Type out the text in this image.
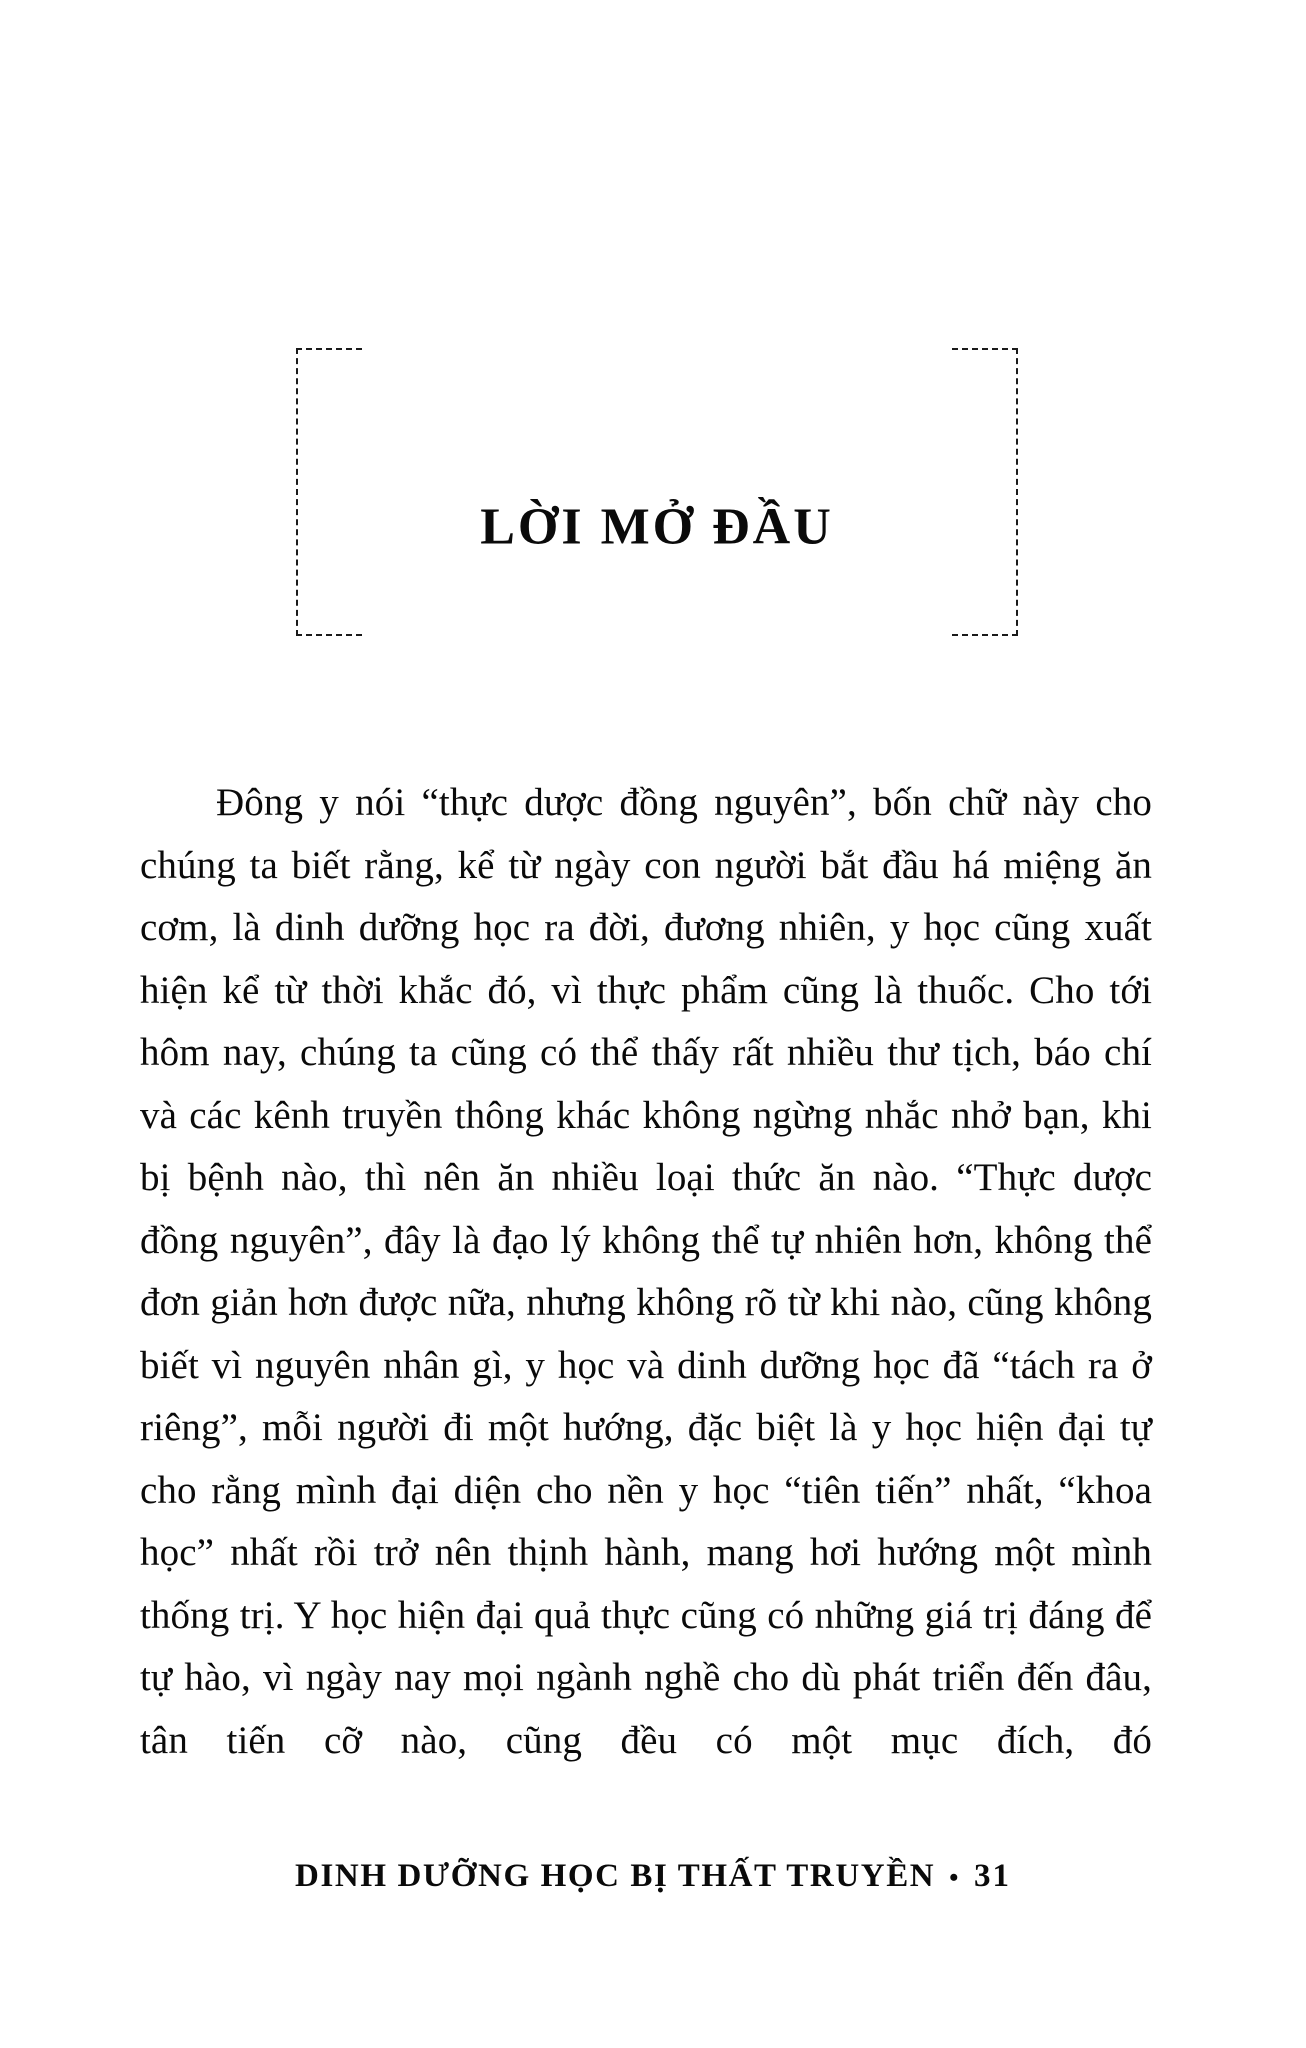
LỜI MỞ ĐẦU

Đông y nói “thực dược đồng nguyên”, bốn chữ này cho chúng ta biết rằng, kể từ ngày con người bắt đầu há miệng ăn cơm, là dinh dưỡng học ra đời, đương nhiên, y học cũng xuất hiện kể từ thời khắc đó, vì thực phẩm cũng là thuốc. Cho tới hôm nay, chúng ta cũng có thể thấy rất nhiều thư tịch, báo chí và các kênh truyền thông khác không ngừng nhắc nhở bạn, khi bị bệnh nào, thì nên ăn nhiều loại thức ăn nào. “Thực dược đồng nguyên”, đây là đạo lý không thể tự nhiên hơn, không thể đơn giản hơn được nữa, nhưng không rõ từ khi nào, cũng không biết vì nguyên nhân gì, y học và dinh dưỡng học đã “tách ra ở riêng”, mỗi người đi một hướng, đặc biệt là y học hiện đại tự cho rằng mình đại diện cho nền y học “tiên tiến” nhất, “khoa học” nhất rồi trở nên thịnh hành, mang hơi hướng một mình thống trị. Y học hiện đại quả thực cũng có những giá trị đáng để tự hào, vì ngày nay mọi ngành nghề cho dù phát triển đến đâu, tân tiến cỡ nào, cũng đều có một mục đích, đó

DINH DƯỠNG HỌC BỊ THẤT TRUYỀN • 31
